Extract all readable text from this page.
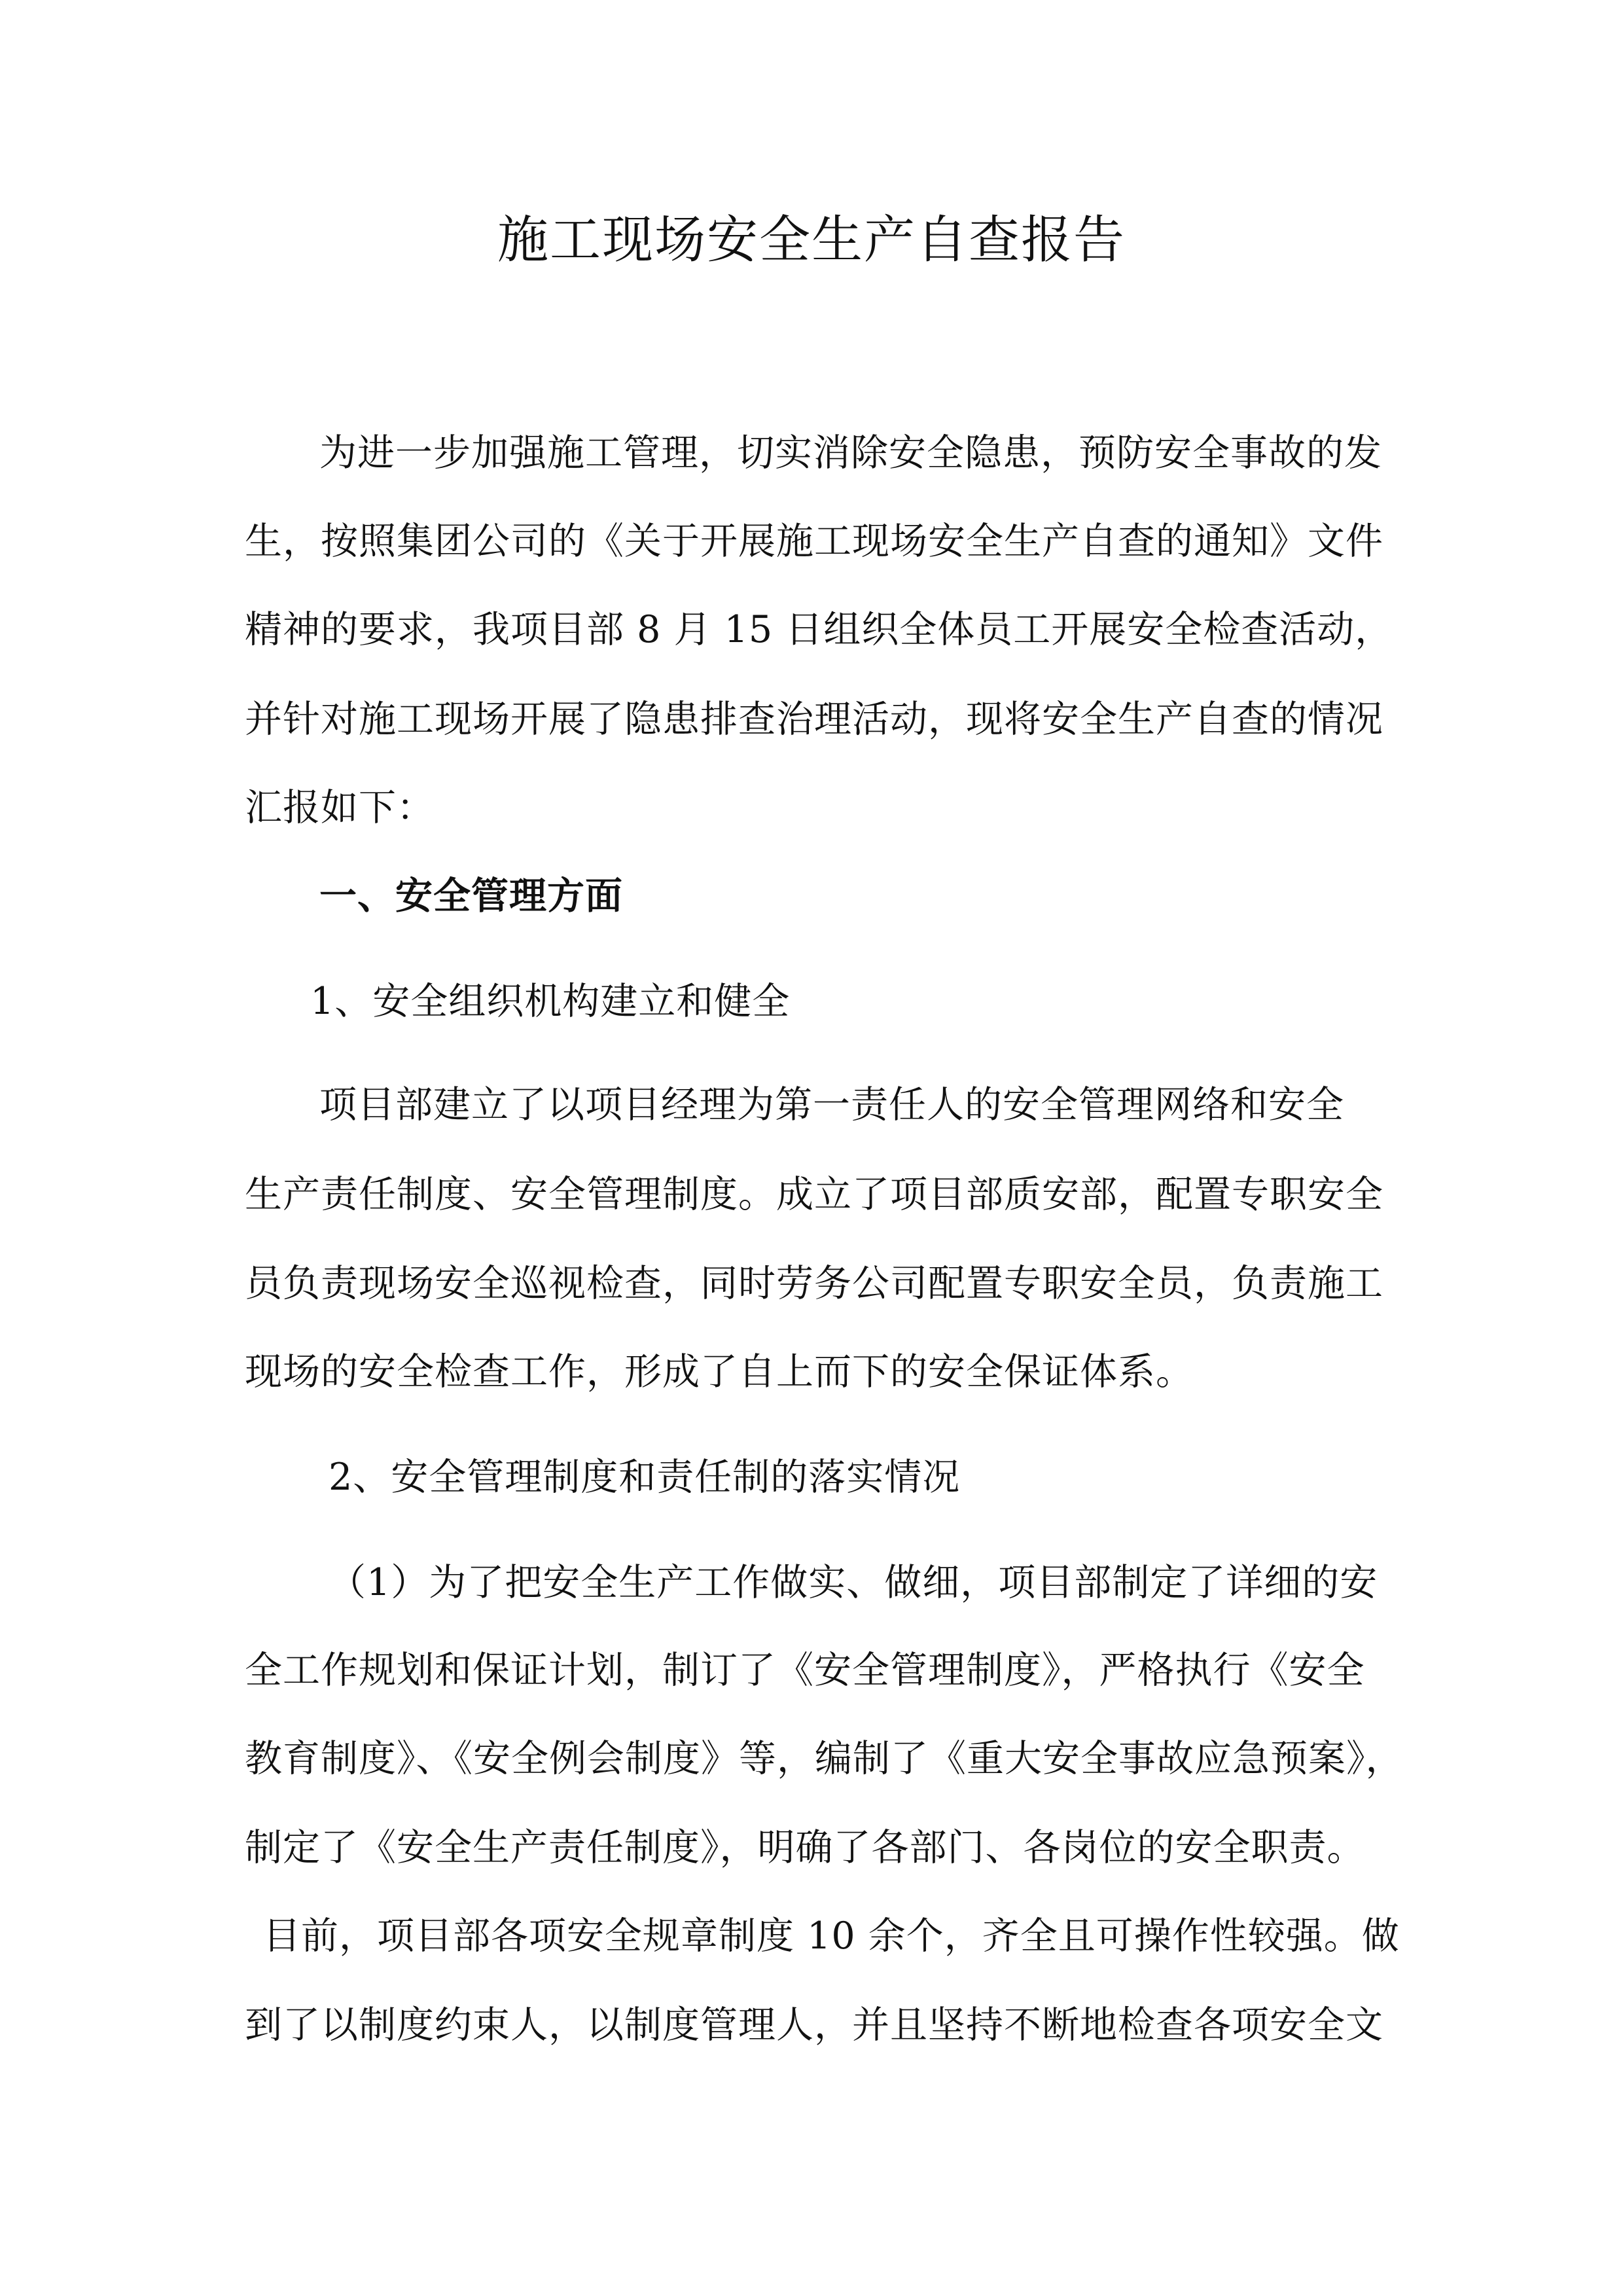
施工现场安全生产自查报告
为进一步加强施工管理，切实消除安全隐患，预防安全事故的发
生，按照集团公司的《关于开展施工现场安全生产自查的通知》文件
精神的要求，我项目部 8 月 15 日组织全体员工开展安全检查活动，
并针对施工现场开展了隐患排查治理活动，现将安全生产自查的情况
汇报如下：
一、安全管理方面
1、安全组织机构建立和健全
项目部建立了以项目经理为第一责任人的安全管理网络和安全
生产责任制度、安全管理制度。成立了项目部质安部，配置专职安全
员负责现场安全巡视检查，同时劳务公司配置专职安全员，负责施工
现场的安全检查工作，形成了自上而下的安全保证体系。
2、安全管理制度和责任制的落实情况
（1）为了把安全生产工作做实、做细，项目部制定了详细的安
全工作规划和保证计划，制订了《安全管理制度》，严格执行《安全
教育制度》、《安全例会制度》等，编制了《重大安全事故应急预案》，
制定了《安全生产责任制度》，明确了各部门、各岗位的安全职责。
目前，项目部各项安全规章制度 10 余个，齐全且可操作性较强。做
到了以制度约束人，以制度管理人，并且坚持不断地检查各项安全文
